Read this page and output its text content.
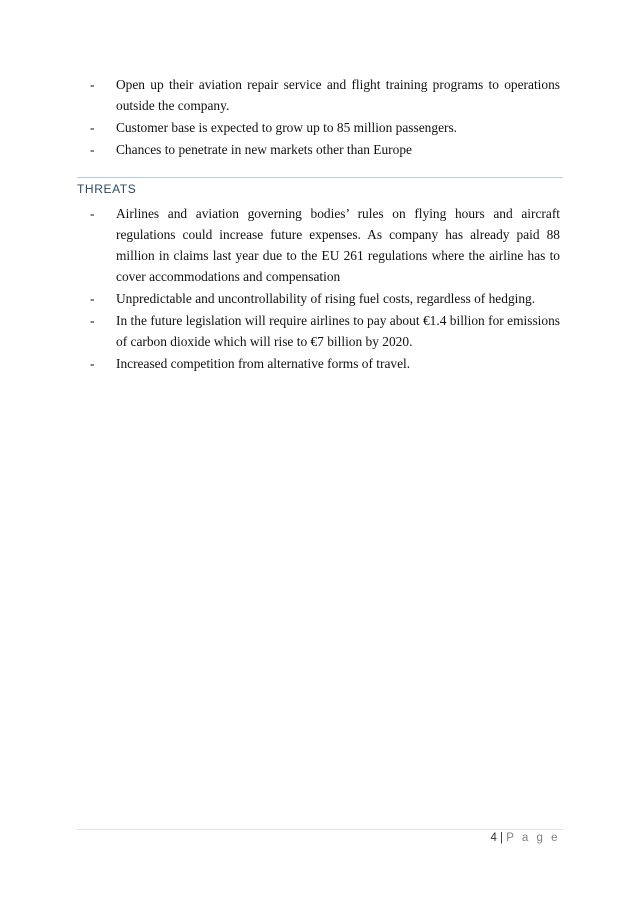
- Open up their aviation repair service and flight training programs to operations outside the company.
- Customer base is expected to grow up to 85 million passengers.
- Chances to penetrate in new markets other than Europe
THREATS
- Airlines and aviation governing bodies’ rules on flying hours and aircraft regulations could increase future expenses. As company has already paid 88 million in claims last year due to the EU 261 regulations where the airline has to cover accommodations and compensation
- Unpredictable and uncontrollability of rising fuel costs, regardless of hedging.
- In the future legislation will require airlines to pay about €1.4 billion for emissions of carbon dioxide which will rise to €7 billion by 2020.
- Increased competition from alternative forms of travel.
4 | P a g e
